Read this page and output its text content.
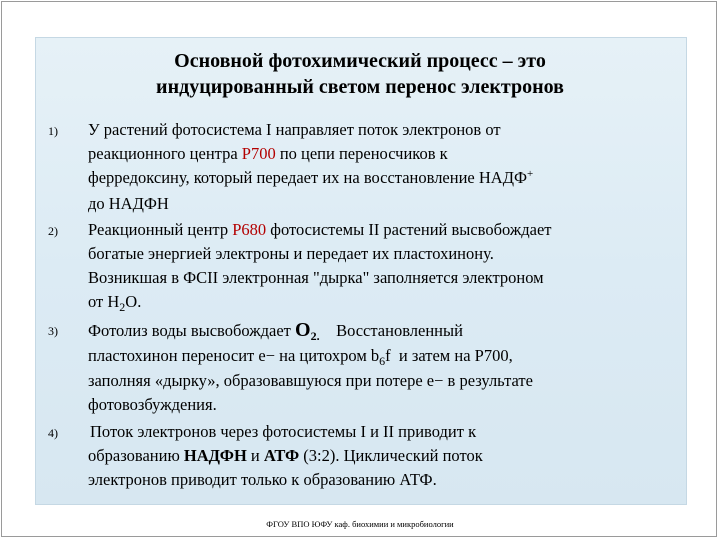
Основной фотохимический процесс – это
индуцированный светом перенос электронов
1) У растений фотосистема I направляет поток электронов от
реакционного центра Р700 по цепи переносчиков к
ферредоксину, который передает их на восстановление НАДФ+
до НАДФН
2) Реакционный центр Р680 фотосистемы II растений высвобождает
богатые энергией электроны и передает их пластохинону.
Возникшая в ФСII электронная "дырка" заполняется электроном
от $H_2O$.
3) Фотолиз воды высвобождает $O_{2.}$    Восстановленный
пластохинон переносит e− на цитохром $b_6f$  и затем на Р700,
заполняя «дырку», образовавшуюся при потере e− в результате
фотовозбуждения.
4) Поток электронов через фотосистемы I и II приводит к
образованию НАДФН и АТФ (3:2). Циклический поток
электронов приводит только к образованию АТФ.
ФГОУ ВПО ЮФУ каф. биохимии и микробиологии
